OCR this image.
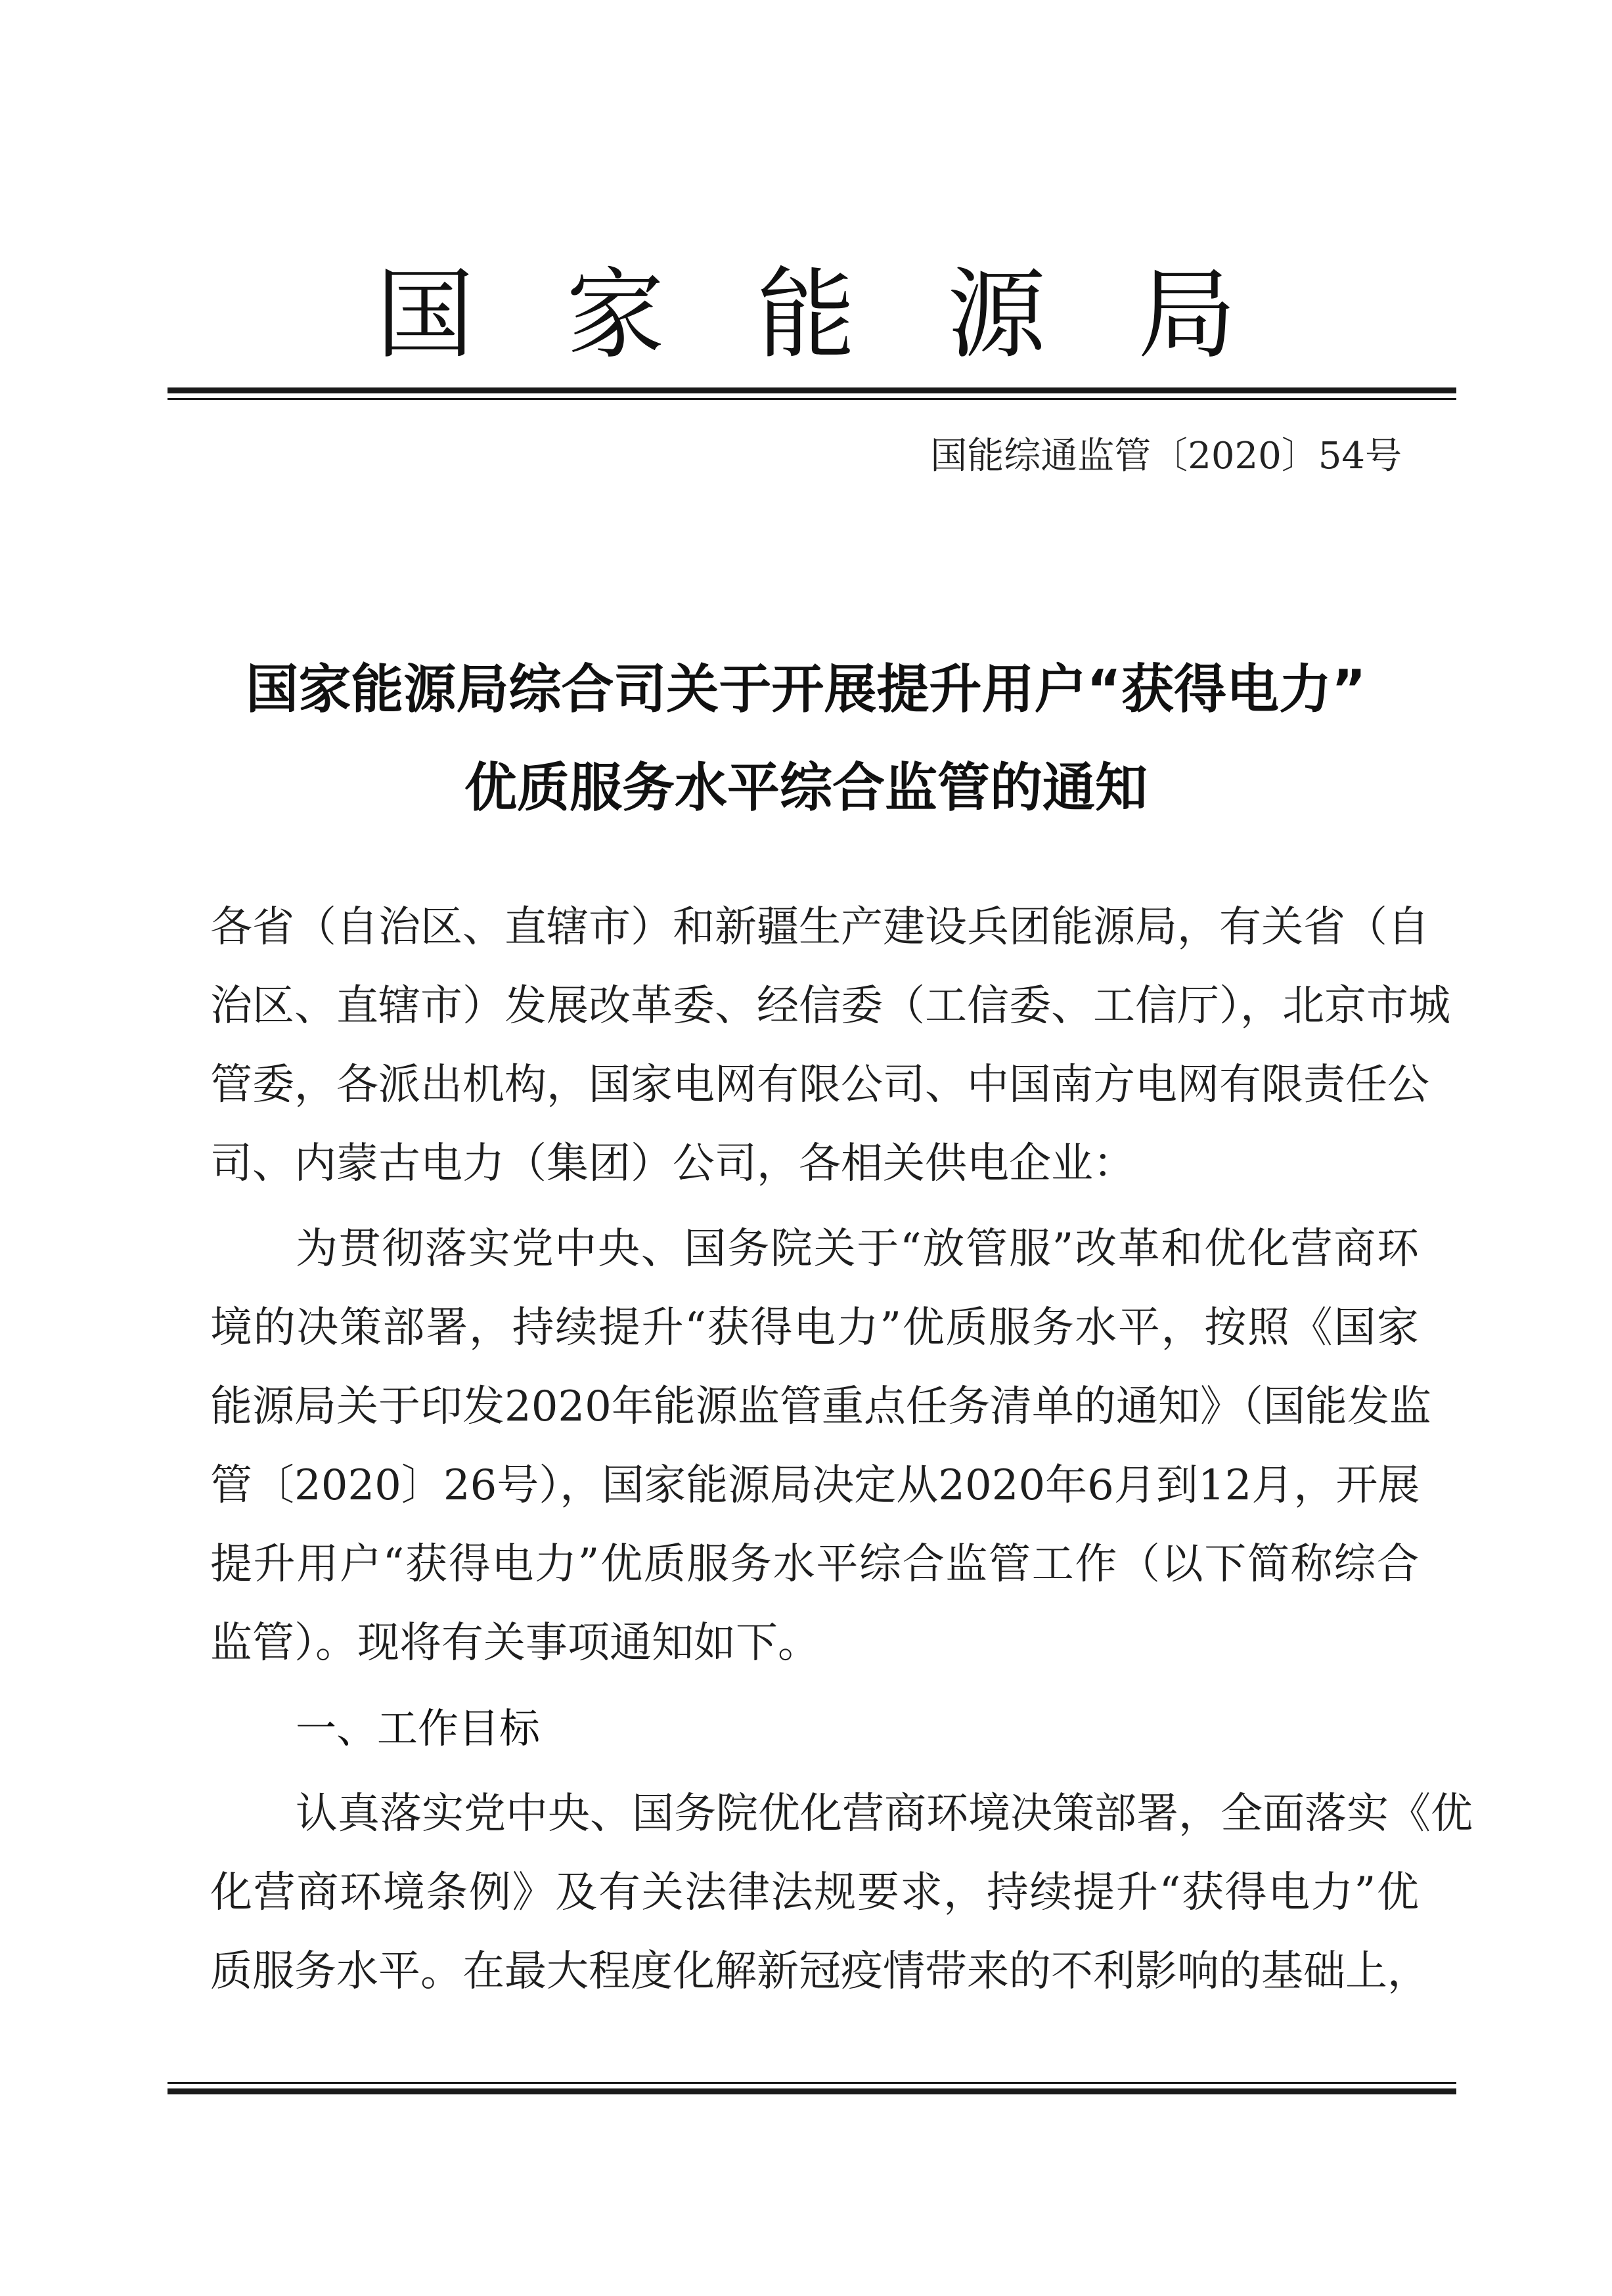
国家能源局
国能综通监管〔2020〕54号
国家能源局综合司关于开展提升用户“获得电力”
优质服务水平综合监管的通知
各省（自治区、直辖市）和新疆生产建设兵团能源局，有关省（自
治区、直辖市）发展改革委、经信委（工信委、工信厅），北京市城
管委，各派出机构，国家电网有限公司、中国南方电网有限责任公
司、内蒙古电力（集团）公司，各相关供电企业：
为贯彻落实党中央、国务院关于“放管服”改革和优化营商环
境的决策部署，持续提升“获得电力”优质服务水平，按照《国家
能源局关于印发2020年能源监管重点任务清单的通知》（国能发监
管〔2020〕26号），国家能源局决定从2020年6月到12月，开展
提升用户“获得电力”优质服务水平综合监管工作（以下简称综合
监管）。现将有关事项通知如下。
一、工作目标
认真落实党中央、国务院优化营商环境决策部署，全面落实《优
化营商环境条例》及有关法律法规要求，持续提升“获得电力”优
质服务水平。在最大程度化解新冠疫情带来的不利影响的基础上，
